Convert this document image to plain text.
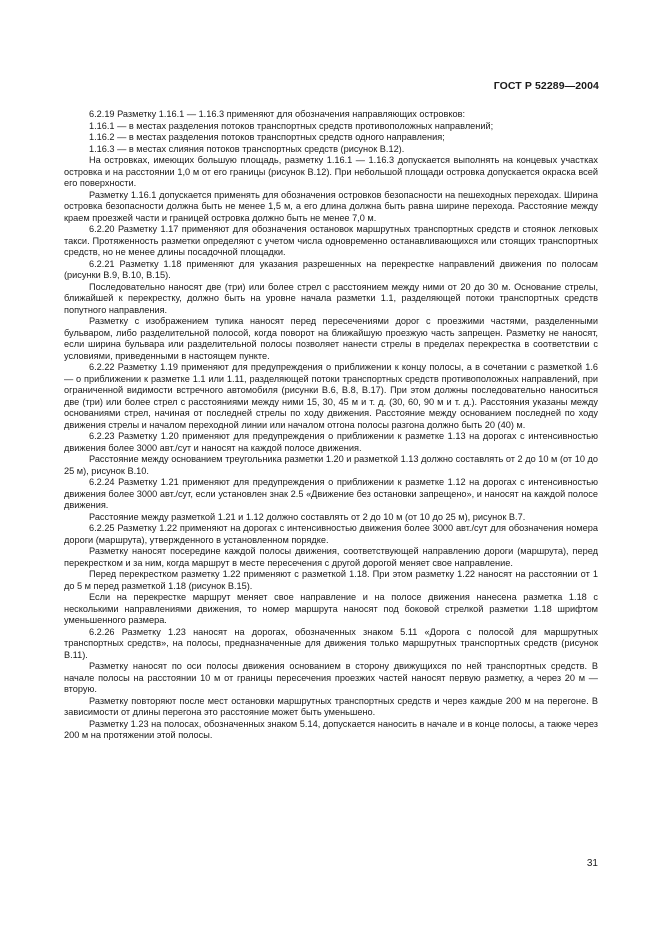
ГОСТ Р 52289—2004

6.2.19 Разметку 1.16.1 — 1.16.3 применяют для обозначения направляющих островков:

1.16.1 — в местах разделения потоков транспортных средств противоположных направлений;

1.16.2 — в местах разделения потоков транспортных средств одного направления;

1.16.3 — в местах слияния потоков транспортных средств (рисунок В.12).

На островках, имеющих большую площадь, разметку 1.16.1 — 1.16.3 допускается выполнять на концевых участках островка и на расстоянии 1,0 м от его границы (рисунок В.12). При небольшой площади островка допускается окраска всей его поверхности.

Разметку 1.16.1 допускается применять для обозначения островков безопасности на пешеходных переходах. Ширина островка безопасности должна быть не менее 1,5 м, а его длина должна быть равна ширине перехода. Расстояние между краем проезжей части и границей островка должно быть не менее 7,0 м.

6.2.20 Разметку 1.17 применяют для обозначения остановок маршрутных транспортных средств и стоянок легковых такси. Протяженность разметки определяют с учетом числа одновременно останавливающихся или стоящих транспортных средств, но не менее длины посадочной площадки.

6.2.21 Разметку 1.18 применяют для указания разрешенных на перекрестке направлений движения по полосам (рисунки В.9, В.10, В.15).

Последовательно наносят две (три) или более стрел с расстоянием между ними от 20 до 30 м. Основание стрелы, ближайшей к перекрестку, должно быть на уровне начала разметки 1.1, разделяющей потоки транспортных средств попутного направления.

Разметку с изображением тупика наносят перед пересечениями дорог с проезжими частями, разделенными бульваром, либо разделительной полосой, когда поворот на ближайшую проезжую часть запрещен. Разметку не наносят, если ширина бульвара или разделительной полосы позволяет нанести стрелы в пределах перекрестка в соответствии с условиями, приведенными в настоящем пункте.

6.2.22 Разметку 1.19 применяют для предупреждения о приближении к концу полосы, а в сочетании с разметкой 1.6 — о приближении к разметке 1.1 или 1.11, разделяющей потоки транспортных средств противоположных направлений, при ограниченной видимости встречного автомобиля (рисунки В.6, В.8, В.17). При этом должны последовательно наноситься две (три) или более стрел с расстояниями между ними 15, 30, 45 м и т. д. (30, 60, 90 м и т. д.). Расстояния указаны между основаниями стрел, начиная от последней стрелы по ходу движения. Расстояние между основанием последней по ходу движения стрелы и началом переходной линии или началом отгона полосы разгона должно быть 20 (40) м.

6.2.23 Разметку 1.20 применяют для предупреждения о приближении к разметке 1.13 на дорогах с интенсивностью движения более 3000 авт./сут и наносят на каждой полосе движения.

Расстояние между основанием треугольника разметки 1.20 и разметкой 1.13 должно составлять от 2 до 10 м (от 10 до 25 м), рисунок В.10.

6.2.24 Разметку 1.21 применяют для предупреждения о приближении к разметке 1.12 на дорогах с интенсивностью движения более 3000 авт./сут, если установлен знак 2.5 «Движение без остановки запрещено», и наносят на каждой полосе движения.

Расстояние между разметкой 1.21 и 1.12 должно составлять от 2 до 10 м (от 10 до 25 м), рисунок В.7.

6.2.25 Разметку 1.22 применяют на дорогах с интенсивностью движения более 3000 авт./сут для обозначения номера дороги (маршрута), утвержденного в установленном порядке.

Разметку наносят посередине каждой полосы движения, соответствующей направлению дороги (маршрута), перед перекрестком и за ним, когда маршрут в месте пересечения с другой дорогой меняет свое направление.

Перед перекрестком разметку 1.22 применяют с разметкой 1.18. При этом разметку 1.22 наносят на расстоянии от 1 до 5 м перед разметкой 1.18 (рисунок В.15).

Если на перекрестке маршрут меняет свое направление и на полосе движения нанесена разметка 1.18 с несколькими направлениями движения, то номер маршрута наносят под боковой стрелкой разметки 1.18 шрифтом уменьшенного размера.

6.2.26 Разметку 1.23 наносят на дорогах, обозначенных знаком 5.11 «Дорога с полосой для маршрутных транспортных средств», на полосы, предназначенные для движения только маршрутных транспортных средств (рисунок В.11).

Разметку наносят по оси полосы движения основанием в сторону движущихся по ней транспортных средств. В начале полосы на расстоянии 10 м от границы пересечения проезжих частей наносят первую разметку, а через 20 м — вторую.

Разметку повторяют после мест остановки маршрутных транспортных средств и через каждые 200 м на перегоне. В зависимости от длины перегона это расстояние может быть уменьшено.

Разметку 1.23 на полосах, обозначенных знаком 5.14, допускается наносить в начале и в конце полосы, а также через 200 м на протяжении этой полосы.

31
